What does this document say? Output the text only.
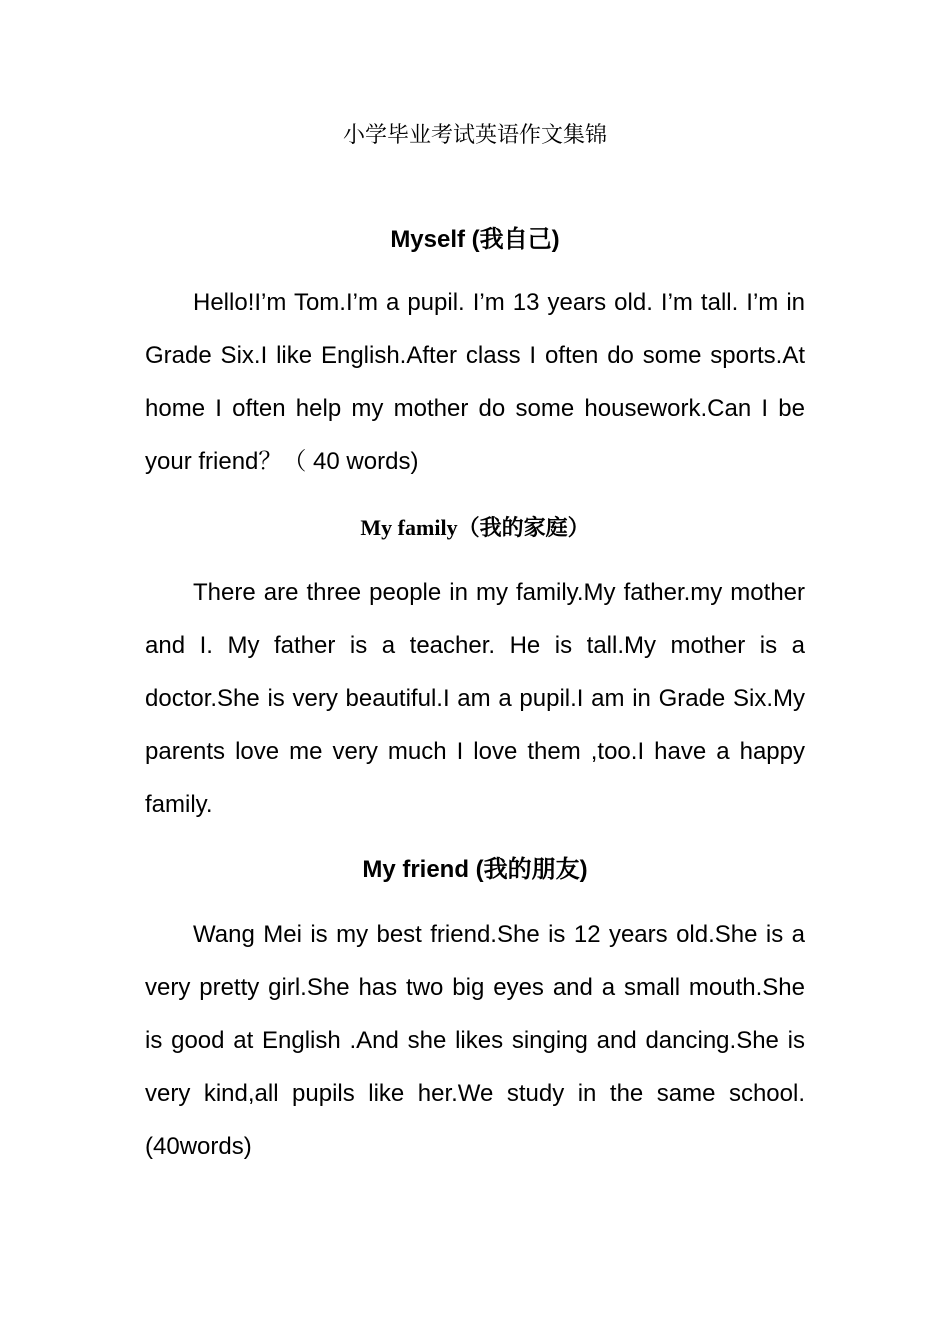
小学毕业考试英语作文集锦
Myself (我自己)

Hello!I’m Tom.I’m a pupil. I’m 13 years old. I’m tall. I’m in Grade Six.I like English.After class I often do some sports.At home I often help my mother do some housework.Can I be your friend？（ 40 words)

My family（我的家庭）

There are three people in my family.My father.my mother and I. My father is a teacher. He is tall.My mother is a doctor.She is very beautiful.I am a pupil.I am in Grade Six.My parents love me very much I love them ,too.I have a happy family.

My friend (我的朋友)

Wang Mei is my best friend.She is 12 years old.She is a very pretty girl.She has two big eyes and a small mouth.She is good at English .And she likes singing and dancing.She is very kind,all pupils like her.We study in the same school.(40words)
